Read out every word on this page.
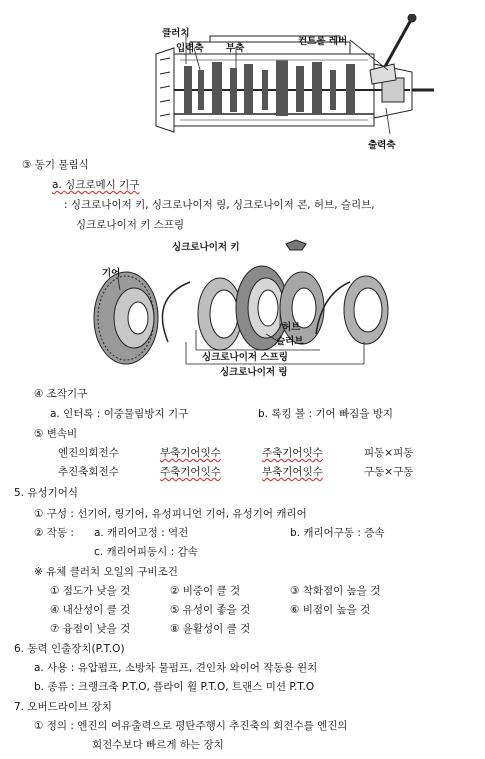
클러치
입력축 부축
컨트롤 레버
출력축
③ 동기 물림식
a. 싱크로메시 기구
: 싱크로나이저 키, 싱크로나이저 링, 싱크로나이저 콘, 허브, 슬리브,
싱크로나이저 키 스프링
싱크로나이저 키
기어
허브
슬리브
싱크로나이저 스프링
싱크로나이저 링
④ 조작기구
a. 인터록 : 이중물림방지 기구	b. 록킹 볼 : 기어 빠짐을 방지
⑤ 변속비
엔진의회전수	부축기어잇수	주축기어잇수	피동×피동
추진축회전수	주축기어잇수	부축기어잇수	구동×구동
5. 유성기어식
① 구성 : 선기어, 링기어, 유성피니언 기어, 유성기어 캐리어
② 작동 : a. 캐리어고정 : 역전	b. 캐리어구동 : 증속
c. 캐리어피동시 : 감속
※ 유체 클러치 오일의 구비조건
① 점도가 낮을 것	② 비중이 클 것	③ 착화점이 높을 것
④ 내산성이 클 것	⑤ 유성이 좋을 것	⑥ 비점이 높을 것
⑦ 융점이 낮을 것	⑧ 윤활성이 클 것
6. 동력 인출장치(P.T.O)
a. 사용 : 유압펌프, 소방차 물펌프, 견인차 와이어 작동용 윈치
b. 종류 : 크랭크축 P.T.O, 플라이 휠 P.T.O, 트랜스 미션 P.T.O
7. 오버드라이브 장치
① 정의 : 엔진의 여유출력으로 평탄주행시 추진축의 회전수를 엔진의
회전수보다 빠르게 하는 장치
